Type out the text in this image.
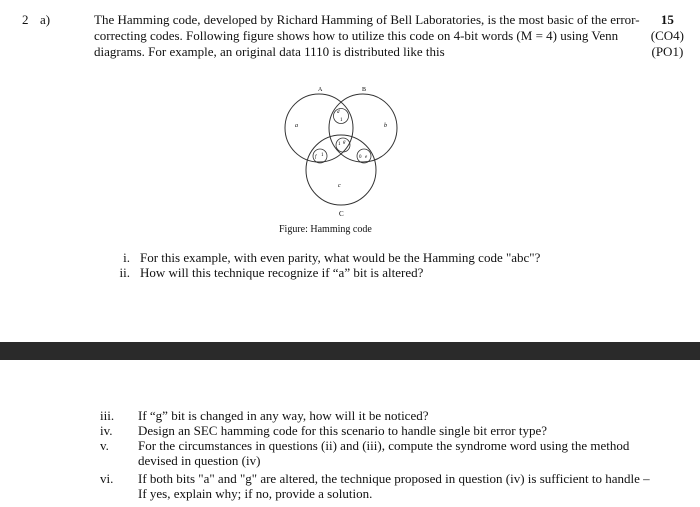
2 a)	The Hamming code, developed by Richard Hamming of Bell Laboratories, is the most basic of the error-correcting codes. Following figure shows how to utilize this code on 4-bit words (M = 4) using Venn diagrams. For example, an original data 1110 is distributed like this
15
(CO4)
(PO1)
A	B
C
a	b
c
d
1
f 1
1 g
0 e
Figure: Hamming code
i. For this example, with even parity, what would be the Hamming code "abc"?
ii. How will this technique recognize if “a” bit is altered?
iii.	If “g” bit is changed in any way, how will it be noticed?
iv.	Design an SEC hamming code for this scenario to handle single bit error type?
v.	For the circumstances in questions (ii) and (iii), compute the syndrome word using the method devised in question (iv)
vi.	If both bits "a" and "g" are altered, the technique proposed in question (iv) is sufficient to handle – If yes, explain why; if no, provide a solution.
